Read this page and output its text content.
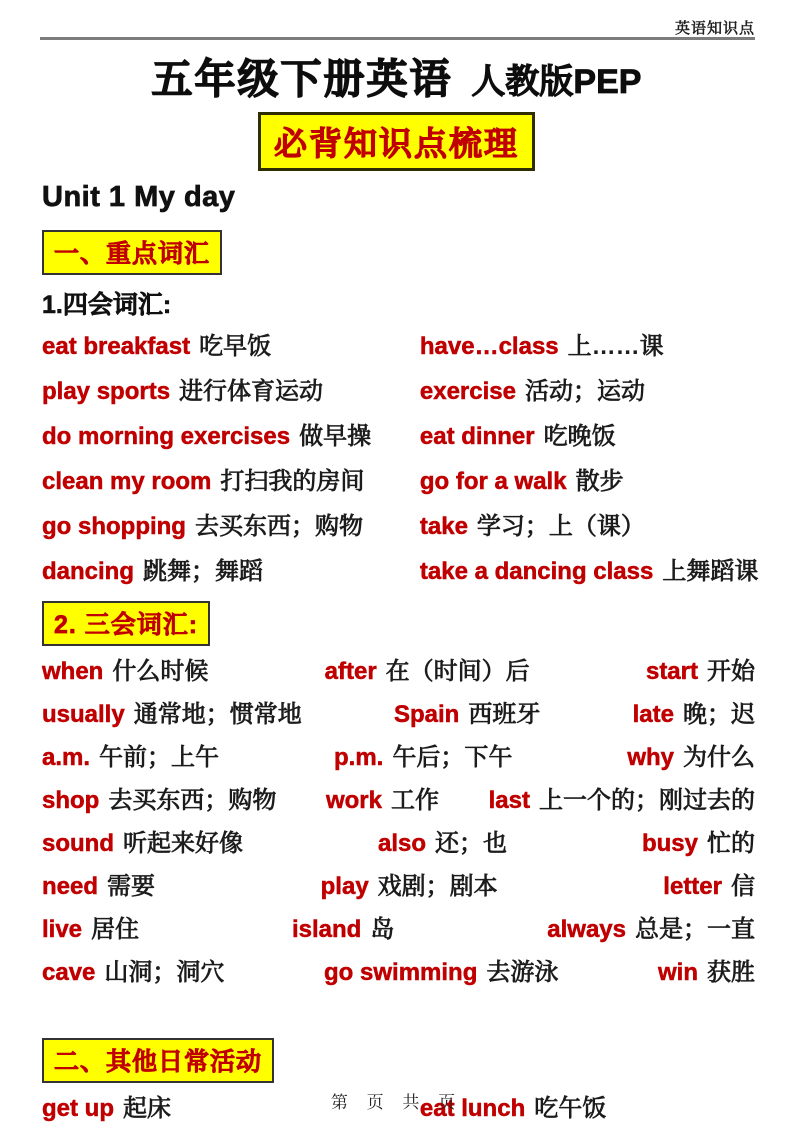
英语知识点
五年级下册英语 人教版PEP
必背知识点梳理
Unit 1 My day
一、重点词汇
1.四会词汇:
eat breakfast 吃早饭	have…class 上……课
play sports 进行体育运动	exercise 活动；运动
do morning exercises 做早操	eat dinner 吃晚饭
clean my room 打扫我的房间	go for a walk 散步
go shopping 去买东西；购物	take 学习；上（课）
dancing 跳舞；舞蹈	take a dancing class 上舞蹈课
2. 三会词汇:
when 什么时候	after 在（时间）后	start 开始
usually 通常地；惯常地	Spain 西班牙	late 晚；迟
a.m. 午前；上午	p.m. 午后；下午	why 为什么
shop 去买东西；购物 work 工作 last 上一个的；刚过去的
sound 听起来好像	also 还；也	busy 忙的
need 需要	play 戏剧；剧本	letter 信
live 居住	island 岛	always 总是；一直
cave 山洞；洞穴	go swimming 去游泳	win 获胜
二、其他日常活动
get up 起床	eat lunch 吃午饭
第 页 共 页
